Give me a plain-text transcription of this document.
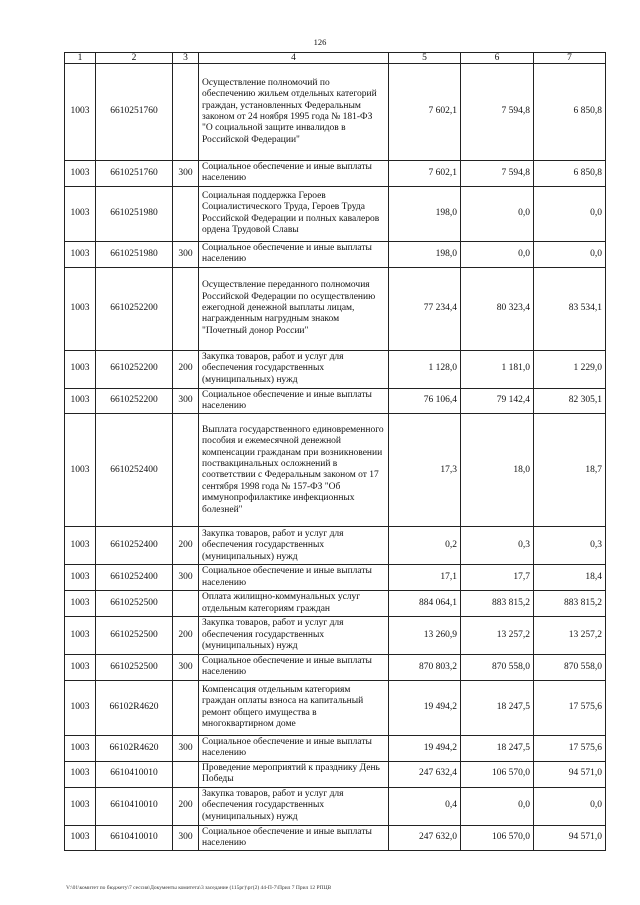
126
1	2	3	4	5	6	7
1003	6610251760		Осуществление полномочий по обеспечению жильем отдельных категорий граждан, установленных Федеральным законом от 24 ноября 1995 года № 181-ФЗ "О социальной защите инвалидов в Российской Федерации"	7 602,1	7 594,8	6 850,8
1003	6610251760	300	Социальное обеспечение и иные выплаты населению	7 602,1	7 594,8	6 850,8
1003	6610251980		Социальная поддержка Героев Социалистического Труда, Героев Труда Российской Федерации и полных кавалеров ордена Трудовой Славы	198,0	0,0	0,0
1003	6610251980	300	Социальное обеспечение и иные выплаты населению	198,0	0,0	0,0
1003	6610252200		Осуществление переданного полномочия Российской Федерации по осуществлению ежегодной денежной выплаты лицам, награжденным нагрудным знаком "Почетный донор России"	77 234,4	80 323,4	83 534,1
1003	6610252200	200	Закупка товаров, работ и услуг для обеспечения государственных (муниципальных) нужд	1 128,0	1 181,0	1 229,0
1003	6610252200	300	Социальное обеспечение и иные выплаты населению	76 106,4	79 142,4	82 305,1
1003	6610252400		Выплата государственного единовременного пособия и ежемесячной денежной компенсации гражданам при возникновении поствакцинальных осложнений в соответствии с Федеральным законом от 17 сентября 1998 года № 157-ФЗ "Об иммунопрофилактике инфекционных болезней"	17,3	18,0	18,7
1003	6610252400	200	Закупка товаров, работ и услуг для обеспечения государственных (муниципальных) нужд	0,2	0,3	0,3
1003	6610252400	300	Социальное обеспечение и иные выплаты населению	17,1	17,7	18,4
1003	6610252500		Оплата жилищно-коммунальных услуг отдельным категориям граждан	884 064,1	883 815,2	883 815,2
1003	6610252500	200	Закупка товаров, работ и услуг для обеспечения государственных (муниципальных) нужд	13 260,9	13 257,2	13 257,2
1003	6610252500	300	Социальное обеспечение и иные выплаты населению	870 803,2	870 558,0	870 558,0
1003	66102R4620		Компенсация отдельным категориям граждан оплаты взноса на капитальный ремонт общего имущества в многоквартирном доме	19 494,2	18 247,5	17 575,6
1003	66102R4620	300	Социальное обеспечение и иные выплаты населению	19 494,2	18 247,5	17 575,6
1003	6610410010		Проведение мероприятий к празднику День Победы	247 632,4	106 570,0	94 571,0
1003	6610410010	200	Закупка товаров, работ и услуг для обеспечения государственных (муниципальных) нужд	0,4	0,0	0,0
1003	6610410010	300	Социальное обеспечение и иные выплаты населению	247 632,0	106 570,0	94 571,0
V:\01\комитет по бюджету\7 сессия\Документы комитета\3 заседание (115рг)\рг(2) 44-П-7\Прил 7 Прил 12 РПЦВ
